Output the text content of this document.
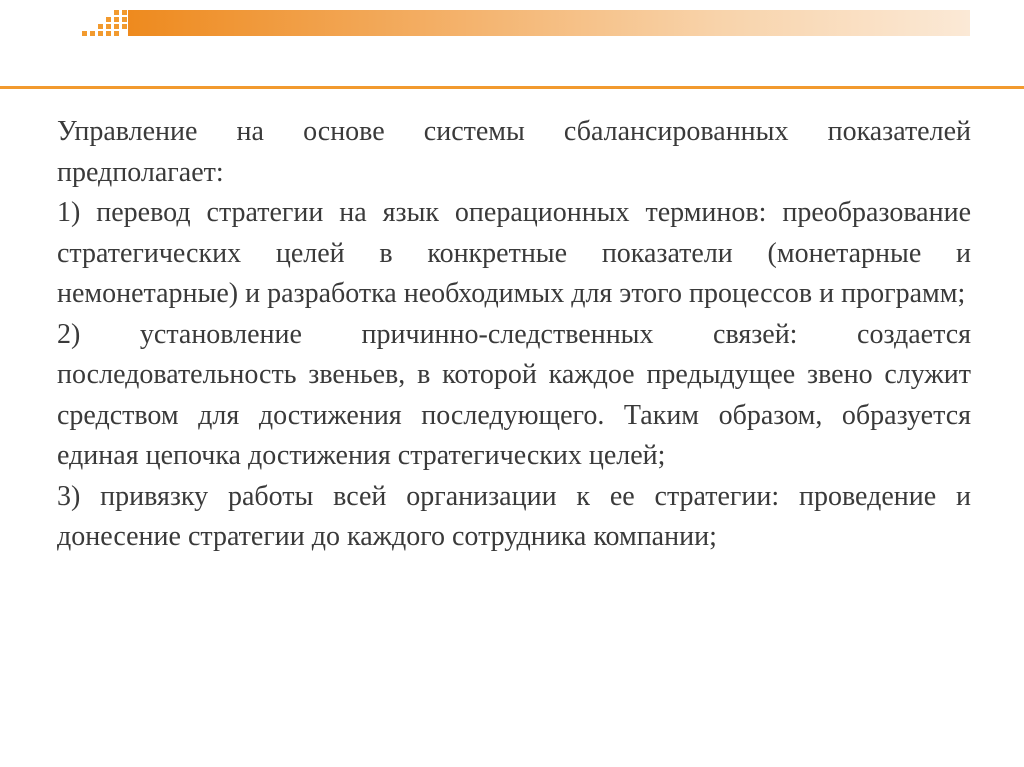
Управление на основе системы сбалансированных показателей предполагает:

1) перевод стратегии на язык операционных терминов: преобразование стратегических целей в конкретные показатели (монетарные и немонетарные) и разработка необходимых для этого процессов и программ;

2) установление причинно-следственных связей: создается последовательность звеньев, в которой каждое предыдущее звено служит средством для достижения последующего. Таким образом, образуется единая цепочка достижения стратегических целей;

3) привязку работы всей организации к ее стратегии: проведение и донесение стратегии до каждого сотрудника компании;
